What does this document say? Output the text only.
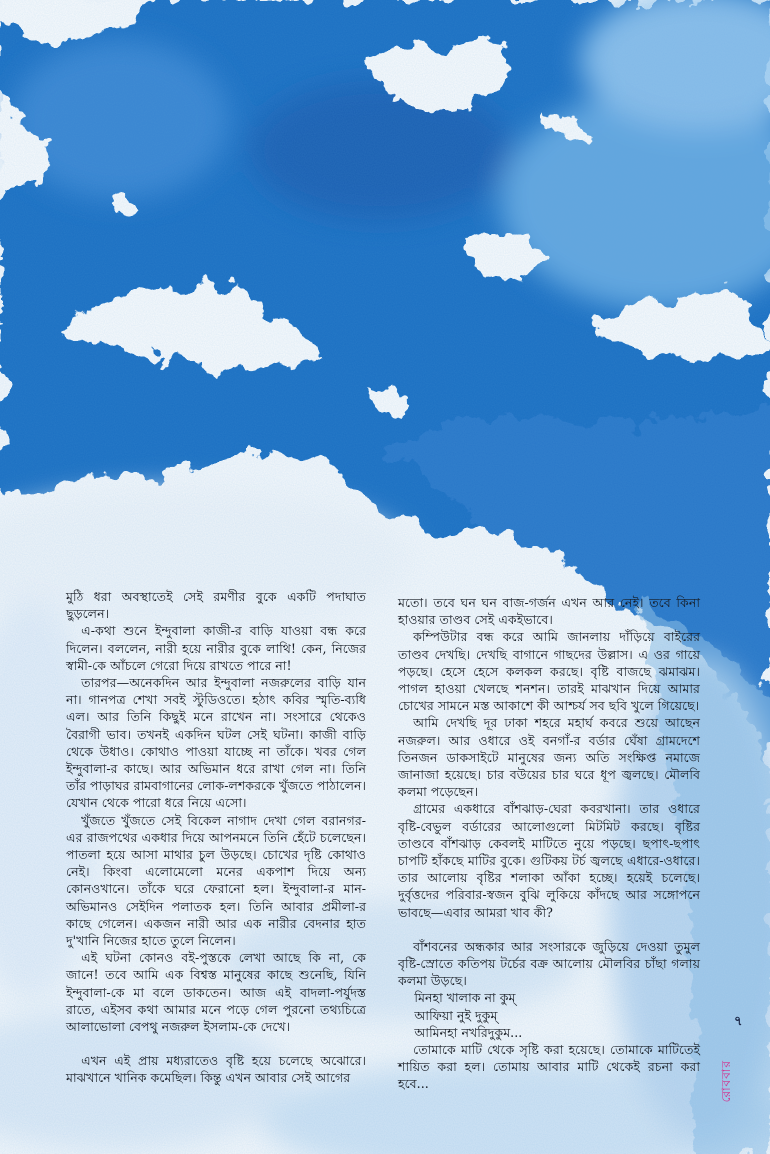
মুঠি ধরা অবস্থাতেই সেই রমণীর বুকে একটি পদাঘাত ছুড়লেন।

এ-কথা শুনে ইন্দুবালা কাজী-র বাড়ি যাওয়া বন্ধ করে দিলেন। বললেন, নারী হয়ে নারীর বুকে লাথি! কেন, নিজের স্বামী-কে আঁচলে গেরো দিয়ে রাখতে পারে না!

তারপর—অনেকদিন আর ইন্দুবালা নজরুলের বাড়ি যান না। গানপত্র শেখা সবই স্টুডিওতে। হঠাৎ কবির স্মৃতি-ব্যধি এল। আর তিনি কিছুই মনে রাখেন না। সংসারে থেকেও বৈরাগী ভাব। তখনই একদিন ঘটল সেই ঘটনা। কাজী বাড়ি থেকে উধাও। কোথাও পাওয়া যাচ্ছে না তাঁকে। খবর গেল ইন্দুবালা-র কাছে। আর অভিমান ধরে রাখা গেল না। তিনি তাঁর পাড়াঘর রামবাগানের লোক-লশকরকে খুঁজতে পাঠালেন। যেখান থেকে পারো ধরে নিয়ে এসো।

খুঁজতে খুঁজতে সেই বিকেল নাগাদ দেখা গেল বরানগর-এর রাজপথের একধার দিয়ে আপনমনে তিনি হেঁটে চলেছেন। পাতলা হয়ে আসা মাথার চুল উড়ছে। চোখের দৃষ্টি কোথাও নেই। কিংবা এলোমেলো মনের একপাশ দিয়ে অন্য কোনওখানে। তাঁকে ঘরে ফেরানো হল। ইন্দুবালা-র মান-অভিমানও সেইদিন পলাতক হল। তিনি আবার প্রমীলা-র কাছে গেলেন। একজন নারী আর এক নারীর বেদনার হাত দু'খানি নিজের হাতে তুলে নিলেন।

এই ঘটনা কোনও বই-পুস্তকে লেখা আছে কি না, কে জানে! তবে আমি এক বিশ্বস্ত মানুষের কাছে শুনেছি, যিনি ইন্দুবালা-কে মা বলে ডাকতেন। আজ এই বাদলা-পর্যুদস্ত রাতে, এইসব কথা আমার মনে পড়ে গেল পুরনো তথ্যচিত্রে আলাভোলা বেপথু নজরুল ইসলাম-কে দেখে।

এখন এই প্রায় মধ্যরাতেও বৃষ্টি হয়ে চলেছে অঝোরে। মাঝখানে খানিক কমেছিল। কিন্তু এখন আবার সেই আগের

মতো। তবে ঘন ঘন বাজ-গর্জন এখন আর নেই। তবে কিনা হাওয়ার তাণ্ডব সেই একইভাবে।

কম্পিউটার বন্ধ করে আমি জানলায় দাঁড়িয়ে বাইরের তাণ্ডব দেখছি। দেখছি বাগানে গাছদের উল্লাস। এ ওর গায়ে পড়ছে। হেসে হেসে কলকল করছে। বৃষ্টি বাজছে ঝমাঝম। পাগল হাওয়া খেলছে শনশন। তারই মাঝখান দিয়ে আমার চোখের সামনে মস্ত আকাশে কী আশ্চর্য সব ছবি খুলে গিয়েছে।

আমি দেখছি দূর ঢাকা শহরে মহার্ঘ কবরে শুয়ে আছেন নজরুল। আর ওধারে ওই বনগাঁ-র বর্ডার ঘেঁষা গ্রামদেশে তিনজন ডাকসাইটে মানুষের জন্য অতি সংক্ষিপ্ত নমাজে জানাজা হয়েছে। চার বউয়ের চার ঘরে ধূপ জ্বলছে। মৌলবি কলমা পড়েছেন।

গ্রামের একধারে বাঁশঝাড়-ঘেরা কবরখানা। তার ওধারে বৃষ্টি-বেভুল বর্ডারের আলোগুলো মিটমিট করছে। বৃষ্টির তাণ্ডবে বাঁশঝাড় কেবলই মাটিতে নুয়ে পড়ছে। ছপাৎ-ছপাৎ চাপটি হাঁকছে মাটির বুকে। গুটিকয় টর্চ জ্বলছে এধারে-ওধারে। তার আলোয় বৃষ্টির শলাকা আঁকা হচ্ছে। হয়েই চলেছে। দুর্বৃত্তদের পরিবার-স্বজন বুঝি লুকিয়ে কাঁদছে আর সঙ্গোপনে ভাবছে—এবার আমরা খাব কী?

বাঁশবনের অন্ধকার আর সংসারকে জুড়িয়ে দেওয়া তুমুল বৃষ্টি-স্রোতে কতিপয় টর্চের বক্র আলোয় মৌলবির চাঁছা গলায় কলমা উড়ছে।

মিনহা খালাক না কুম্

আফিয়া নুই দুকুম্

আমিনহা নখরিদুকুম...

তোমাকে মাটি থেকে সৃষ্টি করা হয়েছে। তোমাকে মাটিতেই শায়িত করা হল। তোমায় আবার মাটি থেকেই রচনা করা হবে...

৭
রোববার
